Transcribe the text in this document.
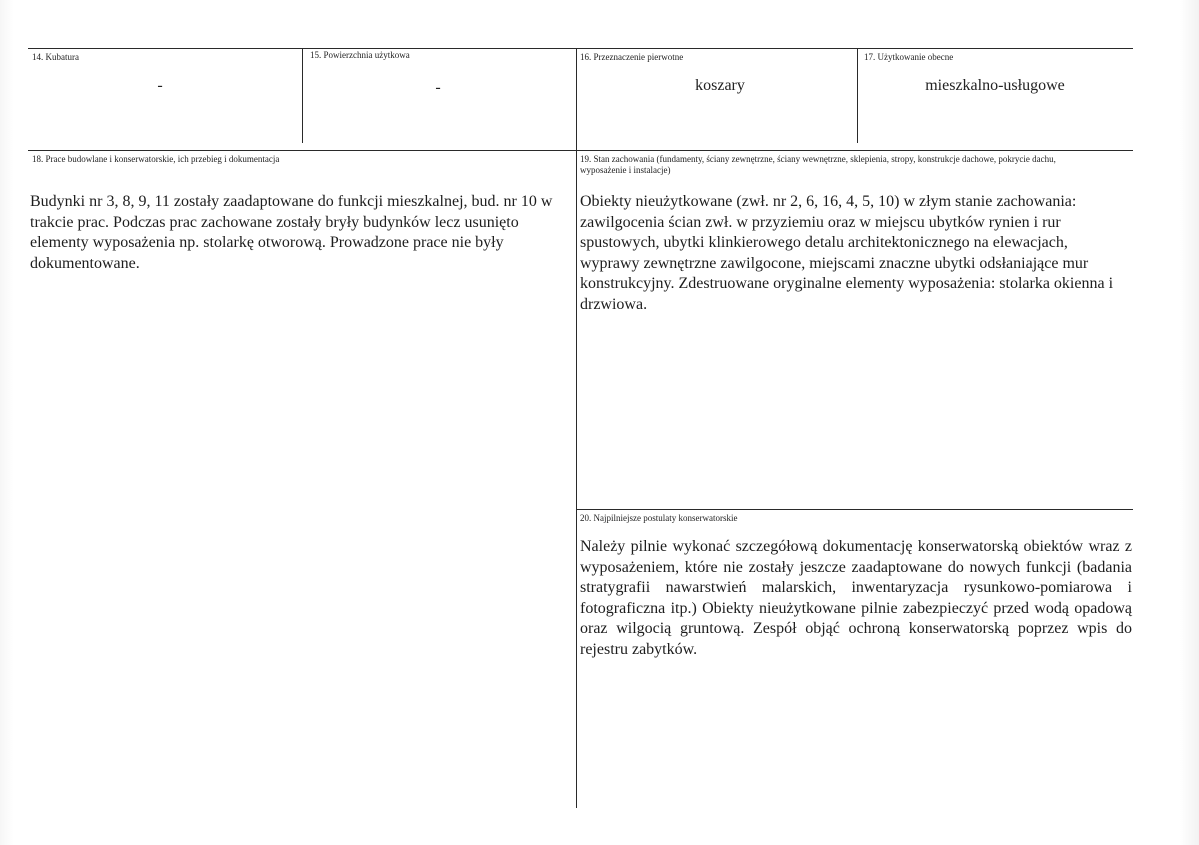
14. Kubatura
-
15. Powierzchnia użytkowa
-
16. Przeznaczenie pierwotne
koszary
17. Użytkowanie obecne
mieszkalno-usługowe
18. Prace budowlane i konserwatorskie, ich przebieg i dokumentacja
Budynki nr 3, 8, 9, 11 zostały zaadaptowane do funkcji mieszkalnej, bud. nr 10 w trakcie prac. Podczas prac zachowane zostały bryły budynków lecz usunięto elementy wyposażenia np. stolarkę otworową. Prowadzone prace nie były dokumentowane.
19. Stan zachowania (fundamenty, ściany zewnętrzne, ściany wewnętrzne, sklepienia, stropy, konstrukcje dachowe, pokrycie dachu, wyposażenie i instalacje)
Obiekty nieużytkowane (zwł. nr 2, 6, 16, 4, 5, 10) w złym stanie zachowania: zawilgocenia ścian zwł. w przyziemiu oraz w miejscu ubytków rynien i rur spustowych, ubytki klinkierowego detalu architektonicznego na elewacjach, wyprawy zewnętrzne zawilgocone, miejscami znaczne ubytki odsłaniające mur konstrukcyjny. Zdestruowane oryginalne elementy wyposażenia: stolarka okienna i drzwiowa.
20. Najpilniejsze postulaty konserwatorskie
Należy pilnie wykonać szczegółową dokumentację konserwatorską obiektów wraz z wyposażeniem, które nie zostały jeszcze zaadaptowane do nowych funkcji (badania stratygrafii nawarstwień malarskich, inwentaryzacja rysunkowo-pomiarowa i fotograficzna itp.) Obiekty nieużytkowane pilnie zabezpieczyć przed wodą opadową oraz wilgocią gruntową. Zespół objąć ochroną konserwatorską poprzez wpis do rejestru zabytków.
